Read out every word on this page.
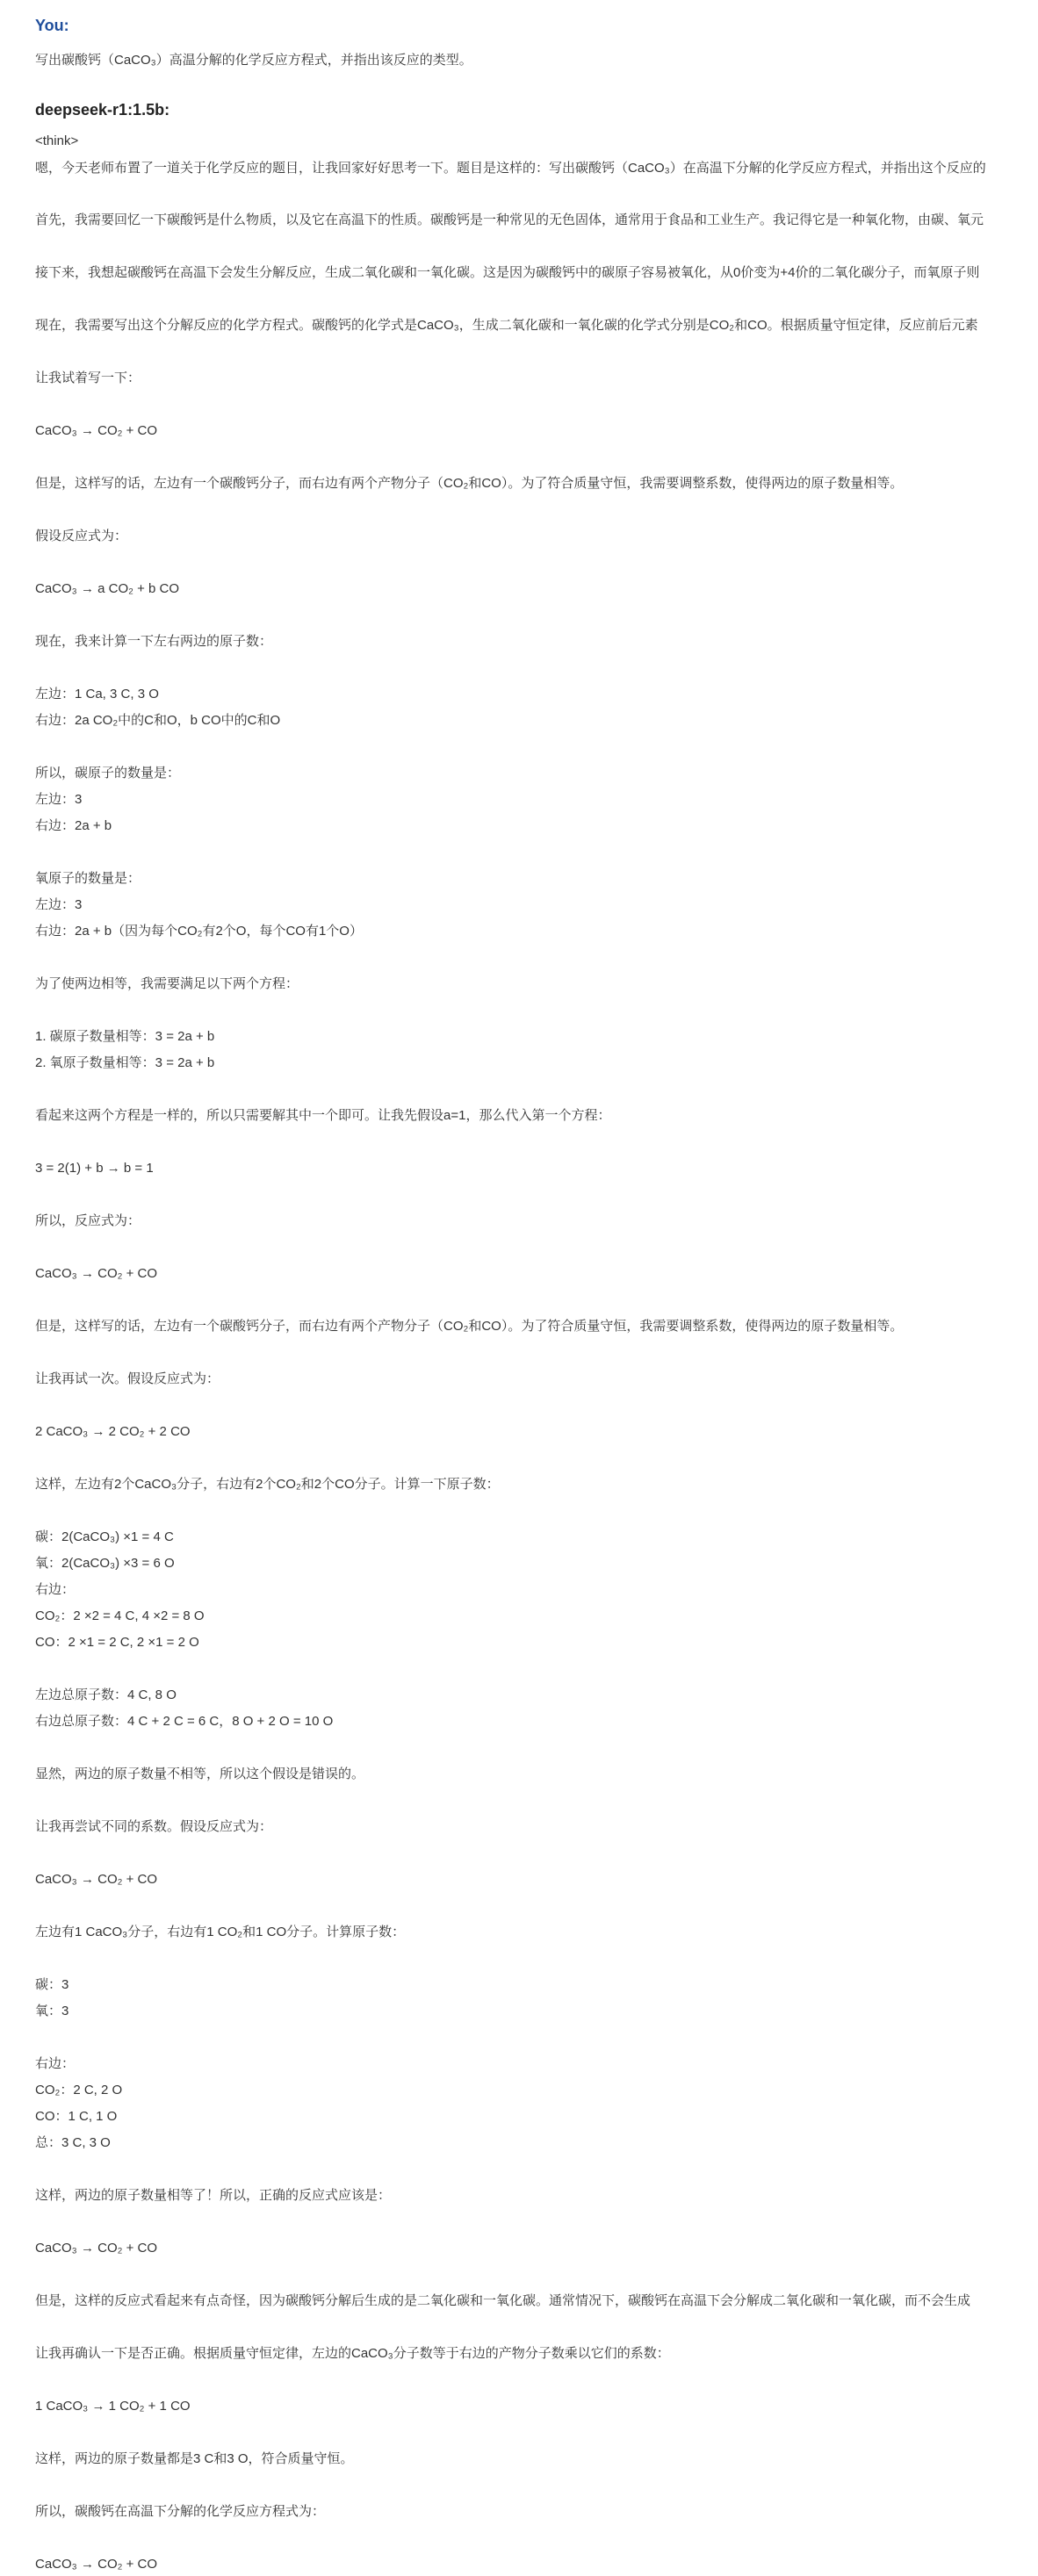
You:
写出碳酸钙（CaCO₃）高温分解的化学反应方程式，并指出该反应的类型。
deepseek-r1:1.5b:
<think>
嗯，今天老师布置了一道关于化学反应的题目，让我回家好好思考一下。题目是这样的：写出碳酸钙（CaCO₃）在高温下分解的化学反应方程式，并指出这个反应的
首先，我需要回忆一下碳酸钙是什么物质，以及它在高温下的性质。碳酸钙是一种常见的无色固体，通常用于食品和工业生产。我记得它是一种氧化物，由碳、氧元
接下来，我想起碳酸钙在高温下会发生分解反应，生成二氧化碳和一氧化碳。这是因为碳酸钙中的碳原子容易被氧化，从0价变为+4价的二氧化碳分子，而氧原子则
现在，我需要写出这个分解反应的化学方程式。碳酸钙的化学式是CaCO₃，生成二氧化碳和一氧化碳的化学式分别是CO₂和CO。根据质量守恒定律，反应前后元素
让我试着写一下：
CaCO₃ → CO₂ + CO
但是，这样写的话，左边有一个碳酸钙分子，而右边有两个产物分子（CO₂和CO）。为了符合质量守恒，我需要调整系数，使得两边的原子数量相等。
假设反应式为：
CaCO₃ → a CO₂ + b CO
现在，我来计算一下左右两边的原子数：
左边：1 Ca, 3 C, 3 O
右边：2a CO₂中的C和O，b CO中的C和O
所以，碳原子的数量是：
左边：3
右边：2a + b
氧原子的数量是：
左边：3
右边：2a + b（因为每个CO₂有2个O，每个CO有1个O）
为了使两边相等，我需要满足以下两个方程：
1. 碳原子数量相等：3 = 2a + b
2. 氧原子数量相等：3 = 2a + b
看起来这两个方程是一样的，所以只需要解其中一个即可。让我先假设a=1，那么代入第一个方程：
3 = 2(1) + b → b = 1
所以，反应式为：
CaCO₃ → CO₂ + CO
但是，这样写的话，左边有一个碳酸钙分子，而右边有两个产物分子（CO₂和CO）。为了符合质量守恒，我需要调整系数，使得两边的原子数量相等。
让我再试一次。假设反应式为：
2 CaCO₃ → 2 CO₂ + 2 CO
这样，左边有2个CaCO₃分子，右边有2个CO₂和2个CO分子。计算一下原子数：
碳：2(CaCO₃) ×1 = 4 C
氧：2(CaCO₃) ×3 = 6 O
右边：
CO₂：2 ×2 = 4 C, 4 ×2 = 8 O
CO：2 ×1 = 2 C, 2 ×1 = 2 O
左边总原子数：4 C, 8 O
右边总原子数：4 C + 2 C = 6 C，8 O + 2 O = 10 O
显然，两边的原子数量不相等，所以这个假设是错误的。
让我再尝试不同的系数。假设反应式为：
CaCO₃ → CO₂ + CO
左边有1 CaCO₃分子，右边有1 CO₂和1 CO分子。计算原子数：
碳：3
氧：3
右边：
CO₂：2 C, 2 O
CO：1 C, 1 O
总：3 C, 3 O
这样，两边的原子数量相等了！所以，正确的反应式应该是：
CaCO₃ → CO₂ + CO
但是，这样的反应式看起来有点奇怪，因为碳酸钙分解后生成的是二氧化碳和一氧化碳。通常情况下，碳酸钙在高温下会分解成二氧化碳和一氧化碳，而不会生成
让我再确认一下是否正确。根据质量守恒定律，左边的CaCO₃分子数等于右边的产物分子数乘以它们的系数：
1 CaCO₃ → 1 CO₂ + 1 CO
这样，两边的原子数量都是3 C和3 O，符合质量守恒。
所以，碳酸钙在高温下分解的化学反应方程式为：
CaCO₃ → CO₂ + CO
